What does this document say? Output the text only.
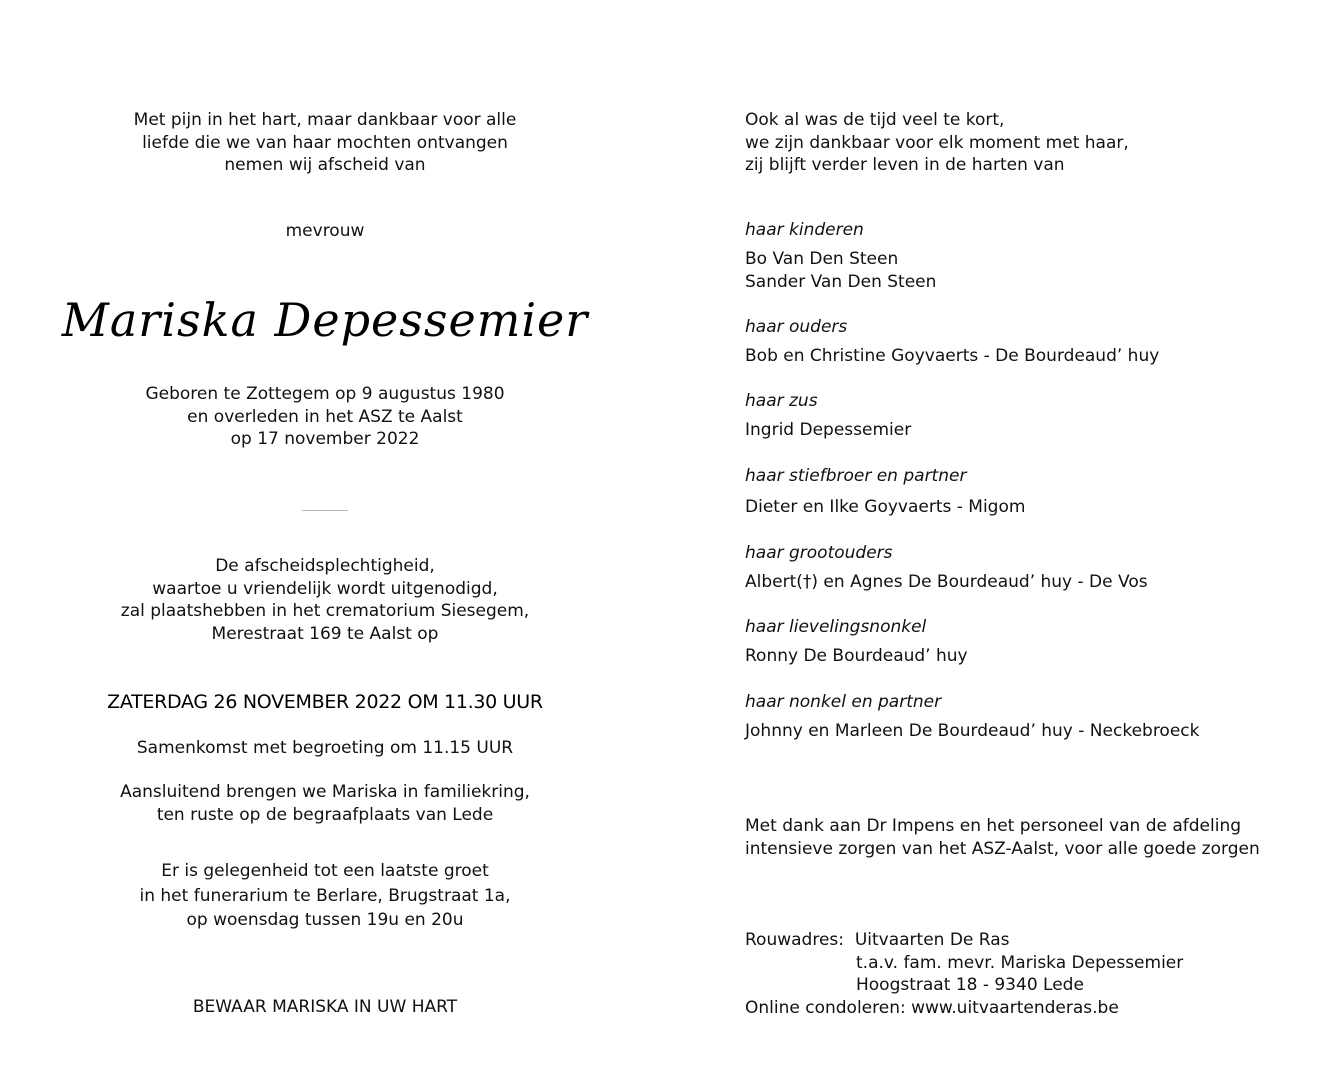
Met pijn in het hart, maar dankbaar voor alle
liefde die we van haar mochten ontvangen
nemen wij afscheid van
mevrouw
Mariska Depessemier
Geboren te Zottegem op 9 augustus 1980
en overleden in het ASZ te Aalst
op 17 november 2022
De afscheidsplechtigheid,
waartoe u vriendelijk wordt uitgenodigd,
zal plaatshebben in het crematorium Siesegem,
Merestraat 169 te Aalst op
ZATERDAG 26 NOVEMBER 2022 OM 11.30 UUR
Samenkomst met begroeting om 11.15 UUR
Aansluitend brengen we Mariska in familiekring,
ten ruste op de begraafplaats van Lede
Er is gelegenheid tot een laatste groet
in het funerarium te Berlare, Brugstraat 1a,
op woensdag tussen 19u en 20u
BEWAAR MARISKA IN UW HART
Ook al was de tijd veel te kort,
we zijn dankbaar voor elk moment met haar,
zij blijft verder leven in de harten van
haar kinderen
Bo Van Den Steen
Sander Van Den Steen
haar ouders
Bob en Christine Goyvaerts - De Bourdeaud’ huy
haar zus
Ingrid Depessemier
haar stiefbroer en partner
Dieter en Ilke Goyvaerts - Migom
haar grootouders
Albert(†) en Agnes De Bourdeaud’ huy - De Vos
haar lievelingsnonkel
Ronny De Bourdeaud’ huy
haar nonkel en partner
Johnny en Marleen De Bourdeaud’ huy - Neckebroeck
Met dank aan Dr Impens en het personeel van de afdeling
intensieve zorgen van het ASZ-Aalst, voor alle goede zorgen
Rouwadres: Uitvaarten De Ras
t.a.v. fam. mevr. Mariska Depessemier
Hoogstraat 18 - 9340 Lede
Online condoleren: www.uitvaartenderas.be
